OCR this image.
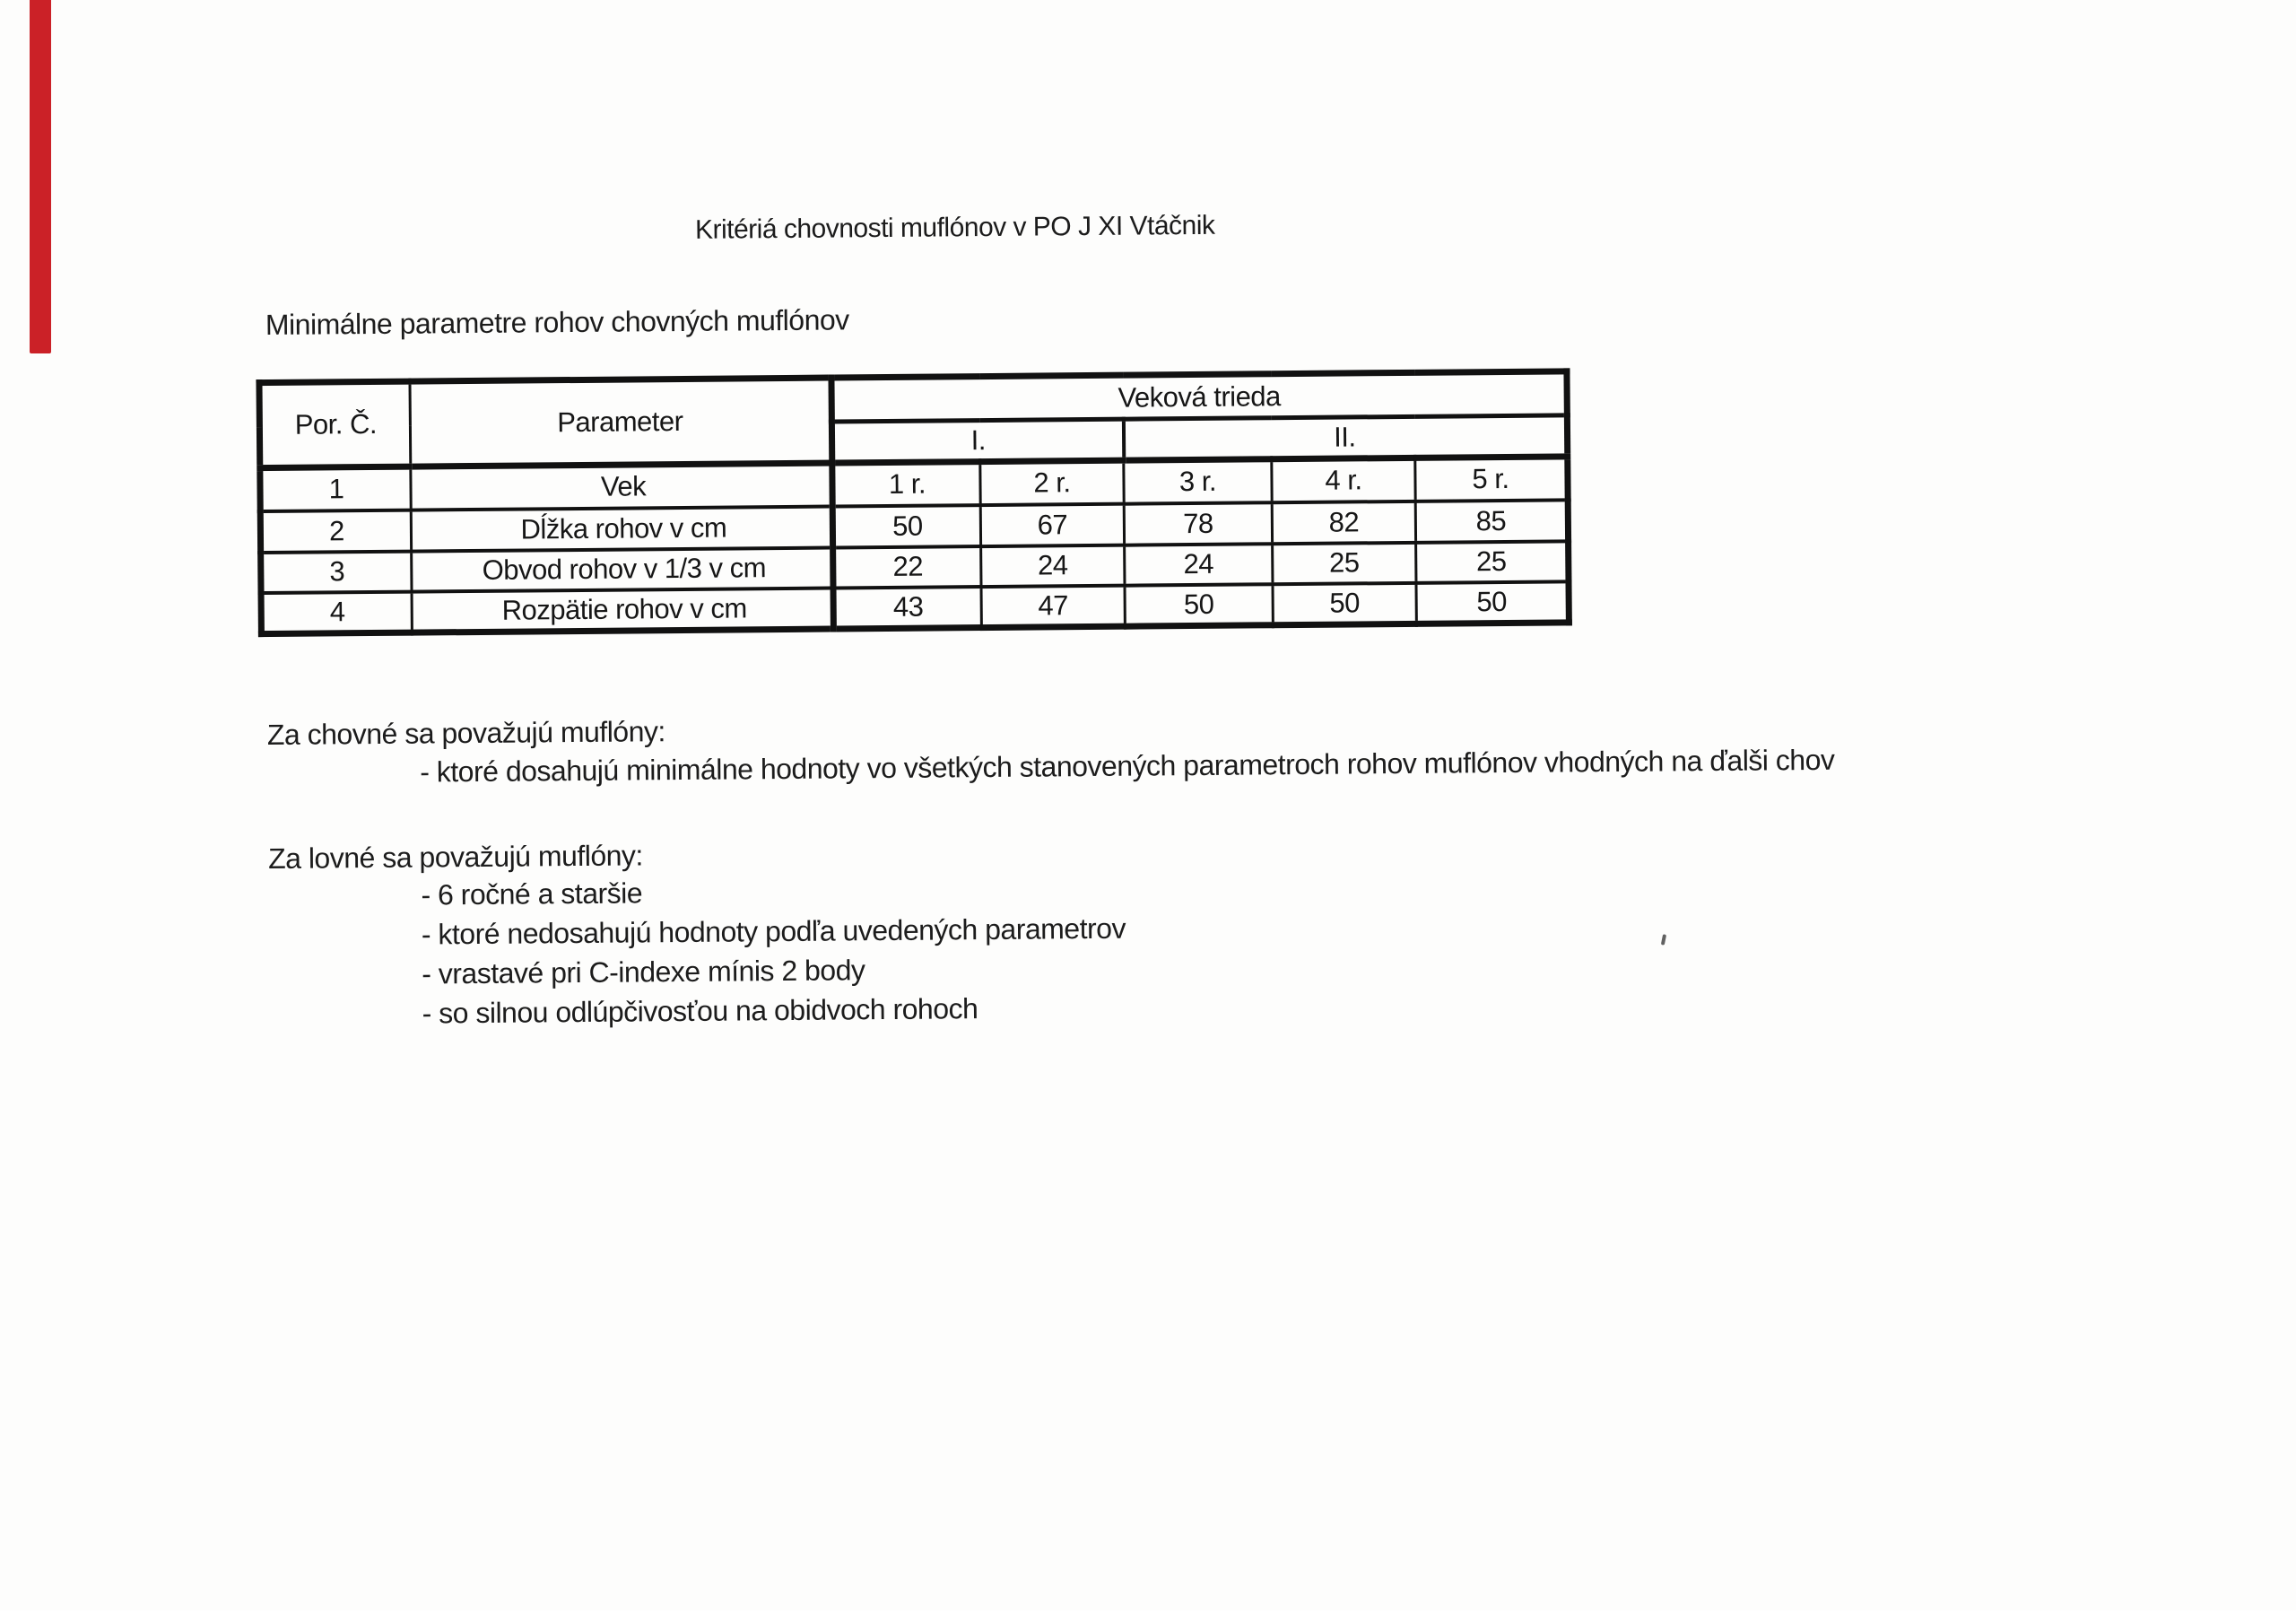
Kritériá chovnosti muflónov v PO J XI Vtáčnik
Minimálne parametre rohov chovných muflónov
Por. Č.	Parameter	Veková trieda				
		I.		II.		
1	Vek	1 r.	2 r.	3 r.	4 r.	5 r.
2	Dĺžka rohov v cm	50	67	78	82	85
3	Obvod rohov v 1/3 v cm	22	24	24	25	25
4	Rozpätie rohov v cm	43	47	50	50	50
Za chovné sa považujú muflóny:
- ktoré dosahujú minimálne hodnoty vo všetkých stanovených parametroch rohov muflónov vhodných na ďalši chov
Za lovné sa považujú muflóny:
- 6 ročné a staršie
- ktoré nedosahujú hodnoty podľa uvedených parametrov
- vrastavé pri C-indexe mínis 2 body
- so silnou odlúpčivosťou na obidvoch rohoch
